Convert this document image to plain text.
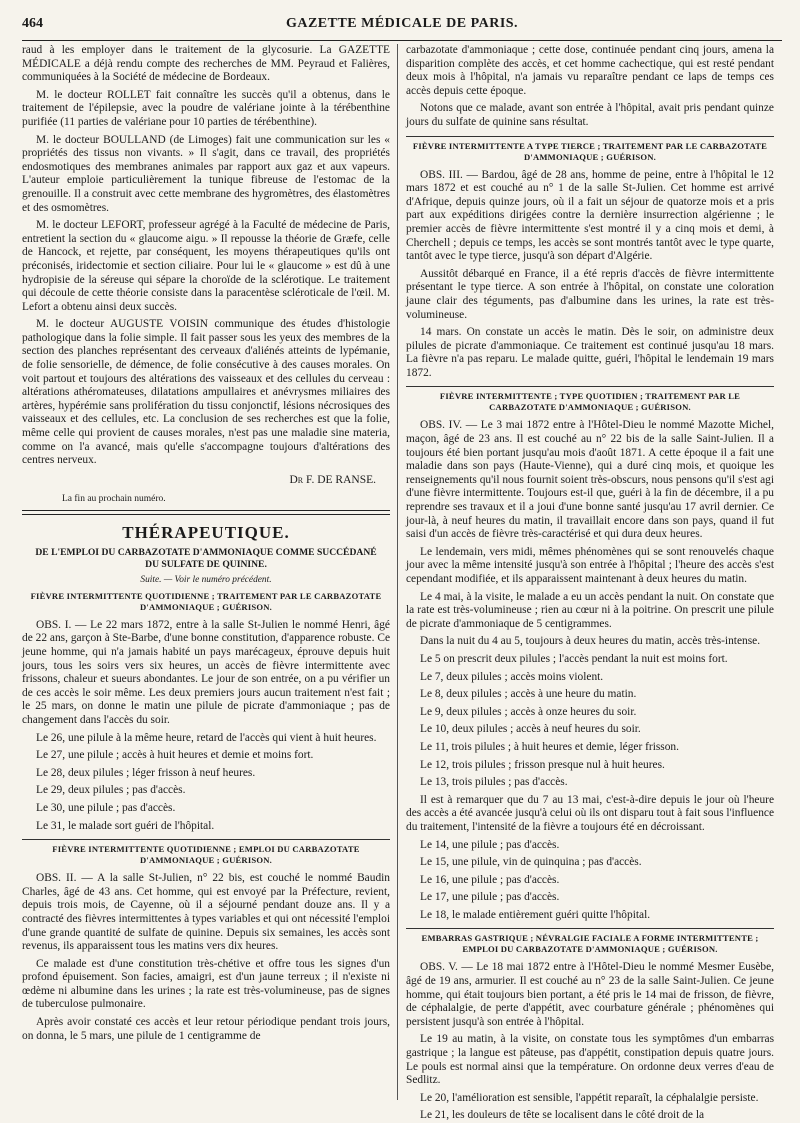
464	GAZETTE MÉDICALE DE PARIS.

raud à les employer dans le traitement de la glycosurie. La GAZETTE MÉDICALE a déjà rendu compte des recherches de MM. Peyraud et Falières, communiquées à la Société de médecine de Bordeaux.

M. le docteur ROLLET fait connaître les succès qu'il a obtenus, dans le traitement de l'épilepsie, avec la poudre de valériane jointe à la térébenthine purifiée (11 parties de valériane pour 10 parties de térébenthine).

M. le docteur BOULLAND (de Limoges) fait une communication sur les « propriétés des tissus non vivants. » Il s'agit, dans ce travail, des propriétés endosmotiques des membranes animales par rapport aux gaz et aux vapeurs. L'auteur emploie particulièrement la tunique fibreuse de l'estomac de la grenouille. Il a construit avec cette membrane des hygromètres, des élastomètres et des osmomètres.

M. le docteur LEFORT, professeur agrégé à la Faculté de médecine de Paris, entretient la section du « glaucome aigu. » Il repousse la théorie de Græfe, celle de Hancock, et rejette, par conséquent, les moyens thérapeutiques qu'ils ont préconisés, iridectomie et section ciliaire. Pour lui le « glaucome » est dû à une hydropisie de la séreuse qui sépare la choroïde de la sclérotique. Le traitement qui découle de cette théorie consiste dans la paracentèse scléroticale de l'œil. M. Lefort a obtenu ainsi deux succès.

M. le docteur AUGUSTE VOISIN communique des études d'histologie pathologique dans la folie simple. Il fait passer sous les yeux des membres de la section des planches représentant des cerveaux d'aliénés atteints de lypémanie, de folie sensorielle, de démence, de folie consécutive à des causes morales. On voit partout et toujours des altérations des vaisseaux et des cellules du cerveau : altérations athéromateuses, dilatations ampullaires et anévrysmes miliaires des artères, hypérémie sans prolifération du tissu conjonctif, lésions nécrosiques des vaisseaux et des cellules, etc. La conclusion de ses recherches est que la folie, même celle qui provient de causes morales, n'est pas une maladie sine materia, comme on l'a avancé, mais qu'elle s'accompagne toujours d'altérations des centres nerveux.

Dr F. DE RANSE.
La fin au prochain numéro.
THÉRAPEUTIQUE.
DE L'EMPLOI DU CARBAZOTATE D'AMMONIAQUE COMME SUCCÉDANÉ DU SULFATE DE QUININE.
Suite. — Voir le numéro précédent.
FIÈVRE INTERMITTENTE QUOTIDIENNE ; TRAITEMENT PAR LE CARBAZOTATE D'AMMONIAQUE ; GUÉRISON.

OBS. I. — Le 22 mars 1872, entre à la salle St-Julien le nommé Henri, âgé de 22 ans, garçon à Ste-Barbe, d'une bonne constitution, d'apparence robuste. Ce jeune homme, qui n'a jamais habité un pays marécageux, éprouve depuis huit jours, tous les soirs vers six heures, un accès de fièvre intermittente avec frissons, chaleur et sueurs abondantes. Le jour de son entrée, on a pu vérifier un de ces accès le soir même. Les deux premiers jours aucun traitement n'est fait ; le 25 mars, on donne le matin une pilule de picrate d'ammoniaque ; pas de changement dans l'accès du soir.

Le 26, une pilule à la même heure, retard de l'accès qui vient à huit heures.

Le 27, une pilule ; accès à huit heures et demie et moins fort.

Le 28, deux pilules ; léger frisson à neuf heures.

Le 29, deux pilules ; pas d'accès.

Le 30, une pilule ; pas d'accès.

Le 31, le malade sort guéri de l'hôpital.

FIÈVRE INTERMITTENTE QUOTIDIENNE ; EMPLOI DU CARBAZOTATE D'AMMONIAQUE ; GUÉRISON.

OBS. II. — A la salle St-Julien, n° 22 bis, est couché le nommé Baudin Charles, âgé de 43 ans. Cet homme, qui est envoyé par la Préfecture, revient, depuis trois mois, de Cayenne, où il a séjourné pendant douze ans. Il y a contracté des fièvres intermittentes à types variables et qui ont nécessité l'emploi d'une grande quantité de sulfate de quinine. Depuis six semaines, les accès sont revenus, ils apparaissent tous les matins vers dix heures.

Ce malade est d'une constitution très-chétive et offre tous les signes d'un profond épuisement. Son facies, amaigri, est d'un jaune terreux ; il n'existe ni œdème ni albumine dans les urines ; la rate est très-volumineuse, pas de signes de tuberculose pulmonaire.

Après avoir constaté ces accès et leur retour périodique pendant trois jours, on donna, le 5 mars, une pilule de 1 centigramme de

carbazotate d'ammoniaque ; cette dose, continuée pendant cinq jours, amena la disparition complète des accès, et cet homme cachectique, qui est resté pendant deux mois à l'hôpital, n'a jamais vu reparaître pendant ce laps de temps ces accès depuis cette époque.

Notons que ce malade, avant son entrée à l'hôpital, avait pris pendant quinze jours du sulfate de quinine sans résultat.

FIÈVRE INTERMITTENTE A TYPE TIERCE ; TRAITEMENT PAR LE CARBAZOTATE D'AMMONIAQUE ; GUÉRISON.

OBS. III. — Bardou, âgé de 28 ans, homme de peine, entre à l'hôpital le 12 mars 1872 et est couché au n° 1 de la salle St-Julien. Cet homme est arrivé d'Afrique, depuis quinze jours, où il a fait un séjour de quatorze mois et a pris part aux expéditions dirigées contre la dernière insurrection algérienne ; le premier accès de fièvre intermittente s'est montré il y a cinq mois et demi, à Cherchell ; depuis ce temps, les accès se sont montrés tantôt avec le type quarte, tantôt avec le type tierce, jusqu'à son départ d'Algérie.

Aussitôt débarqué en France, il a été repris d'accès de fièvre intermittente présentant le type tierce. A son entrée à l'hôpital, on constate une coloration jaune clair des téguments, pas d'albumine dans les urines, la rate est très-volumineuse.

14 mars. On constate un accès le matin. Dès le soir, on administre deux pilules de picrate d'ammoniaque. Ce traitement est continué jusqu'au 18 mars. La fièvre n'a pas reparu. Le malade quitte, guéri, l'hôpital le lendemain 19 mars 1872.

FIÈVRE INTERMITTENTE ; TYPE QUOTIDIEN ; TRAITEMENT PAR LE CARBAZOTATE D'AMMONIAQUE ; GUÉRISON.

OBS. IV. — Le 3 mai 1872 entre à l'Hôtel-Dieu le nommé Mazotte Michel, maçon, âgé de 23 ans. Il est couché au n° 22 bis de la salle Saint-Julien. Il a toujours été bien portant jusqu'au mois d'août 1871. A cette époque il a fait une maladie dans son pays (Haute-Vienne), qui a duré cinq mois, et quoique les renseignements qu'il nous fournit soient très-obscurs, nous pensons qu'il s'est agi d'une fièvre intermittente. Toujours est-il que, guéri à la fin de décembre, il a pu reprendre ses travaux et il a joui d'une bonne santé jusqu'au 17 avril dernier. Ce jour-là, à neuf heures du matin, il travaillait encore dans son pays, quand il fut saisi d'un accès de fièvre très-caractérisé et qui dura deux heures.

Le lendemain, vers midi, mêmes phénomènes qui se sont renouvelés chaque jour avec la même intensité jusqu'à son entrée à l'hôpital ; l'heure des accès s'est cependant modifiée, et ils apparaissent maintenant à deux heures du matin.

Le 4 mai, à la visite, le malade a eu un accès pendant la nuit. On constate que la rate est très-volumineuse ; rien au cœur ni à la poitrine. On prescrit une pilule de picrate d'ammoniaque de 5 centigrammes.

Dans la nuit du 4 au 5, toujours à deux heures du matin, accès très-intense.

Le 5 on prescrit deux pilules ; l'accès pendant la nuit est moins fort.

Le 7, deux pilules ; accès moins violent.

Le 8, deux pilules ; accès à une heure du matin.

Le 9, deux pilules ; accès à onze heures du soir.

Le 10, deux pilules ; accès à neuf heures du soir.

Le 11, trois pilules ; à huit heures et demie, léger frisson.

Le 12, trois pilules ; frisson presque nul à huit heures.

Le 13, trois pilules ; pas d'accès.

Il est à remarquer que du 7 au 13 mai, c'est-à-dire depuis le jour où l'heure des accès a été avancée jusqu'à celui où ils ont disparu tout à fait sous l'influence du traitement, l'intensité de la fièvre a toujours été en décroissant.

Le 14, une pilule ; pas d'accès.

Le 15, une pilule, vin de quinquina ; pas d'accès.

Le 16, une pilule ; pas d'accès.

Le 17, une pilule ; pas d'accès.

Le 18, le malade entièrement guéri quitte l'hôpital.

EMBARRAS GASTRIQUE ; NÉVRALGIE FACIALE A FORME INTERMITTENTE ; EMPLOI DU CARBAZOTATE D'AMMONIAQUE ; GUÉRISON.

OBS. V. — Le 18 mai 1872 entre à l'Hôtel-Dieu le nommé Mesmer Eusèbe, âgé de 19 ans, armurier. Il est couché au n° 23 de la salle Saint-Julien. Ce jeune homme, qui était toujours bien portant, a été pris le 14 mai de frisson, de fièvre, de céphalalgie, de perte d'appétit, avec courbature générale ; phénomènes qui persistent jusqu'à son entrée à l'hôpital.

Le 19 au matin, à la visite, on constate tous les symptômes d'un embarras gastrique ; la langue est pâteuse, pas d'appétit, constipation depuis quatre jours. Le pouls est normal ainsi que la température. On ordonne deux verres d'eau de Sedlitz.

Le 20, l'amélioration est sensible, l'appétit reparaît, la céphalalgie persiste.

Le 21, les douleurs de tête se localisent dans le côté droit de la
